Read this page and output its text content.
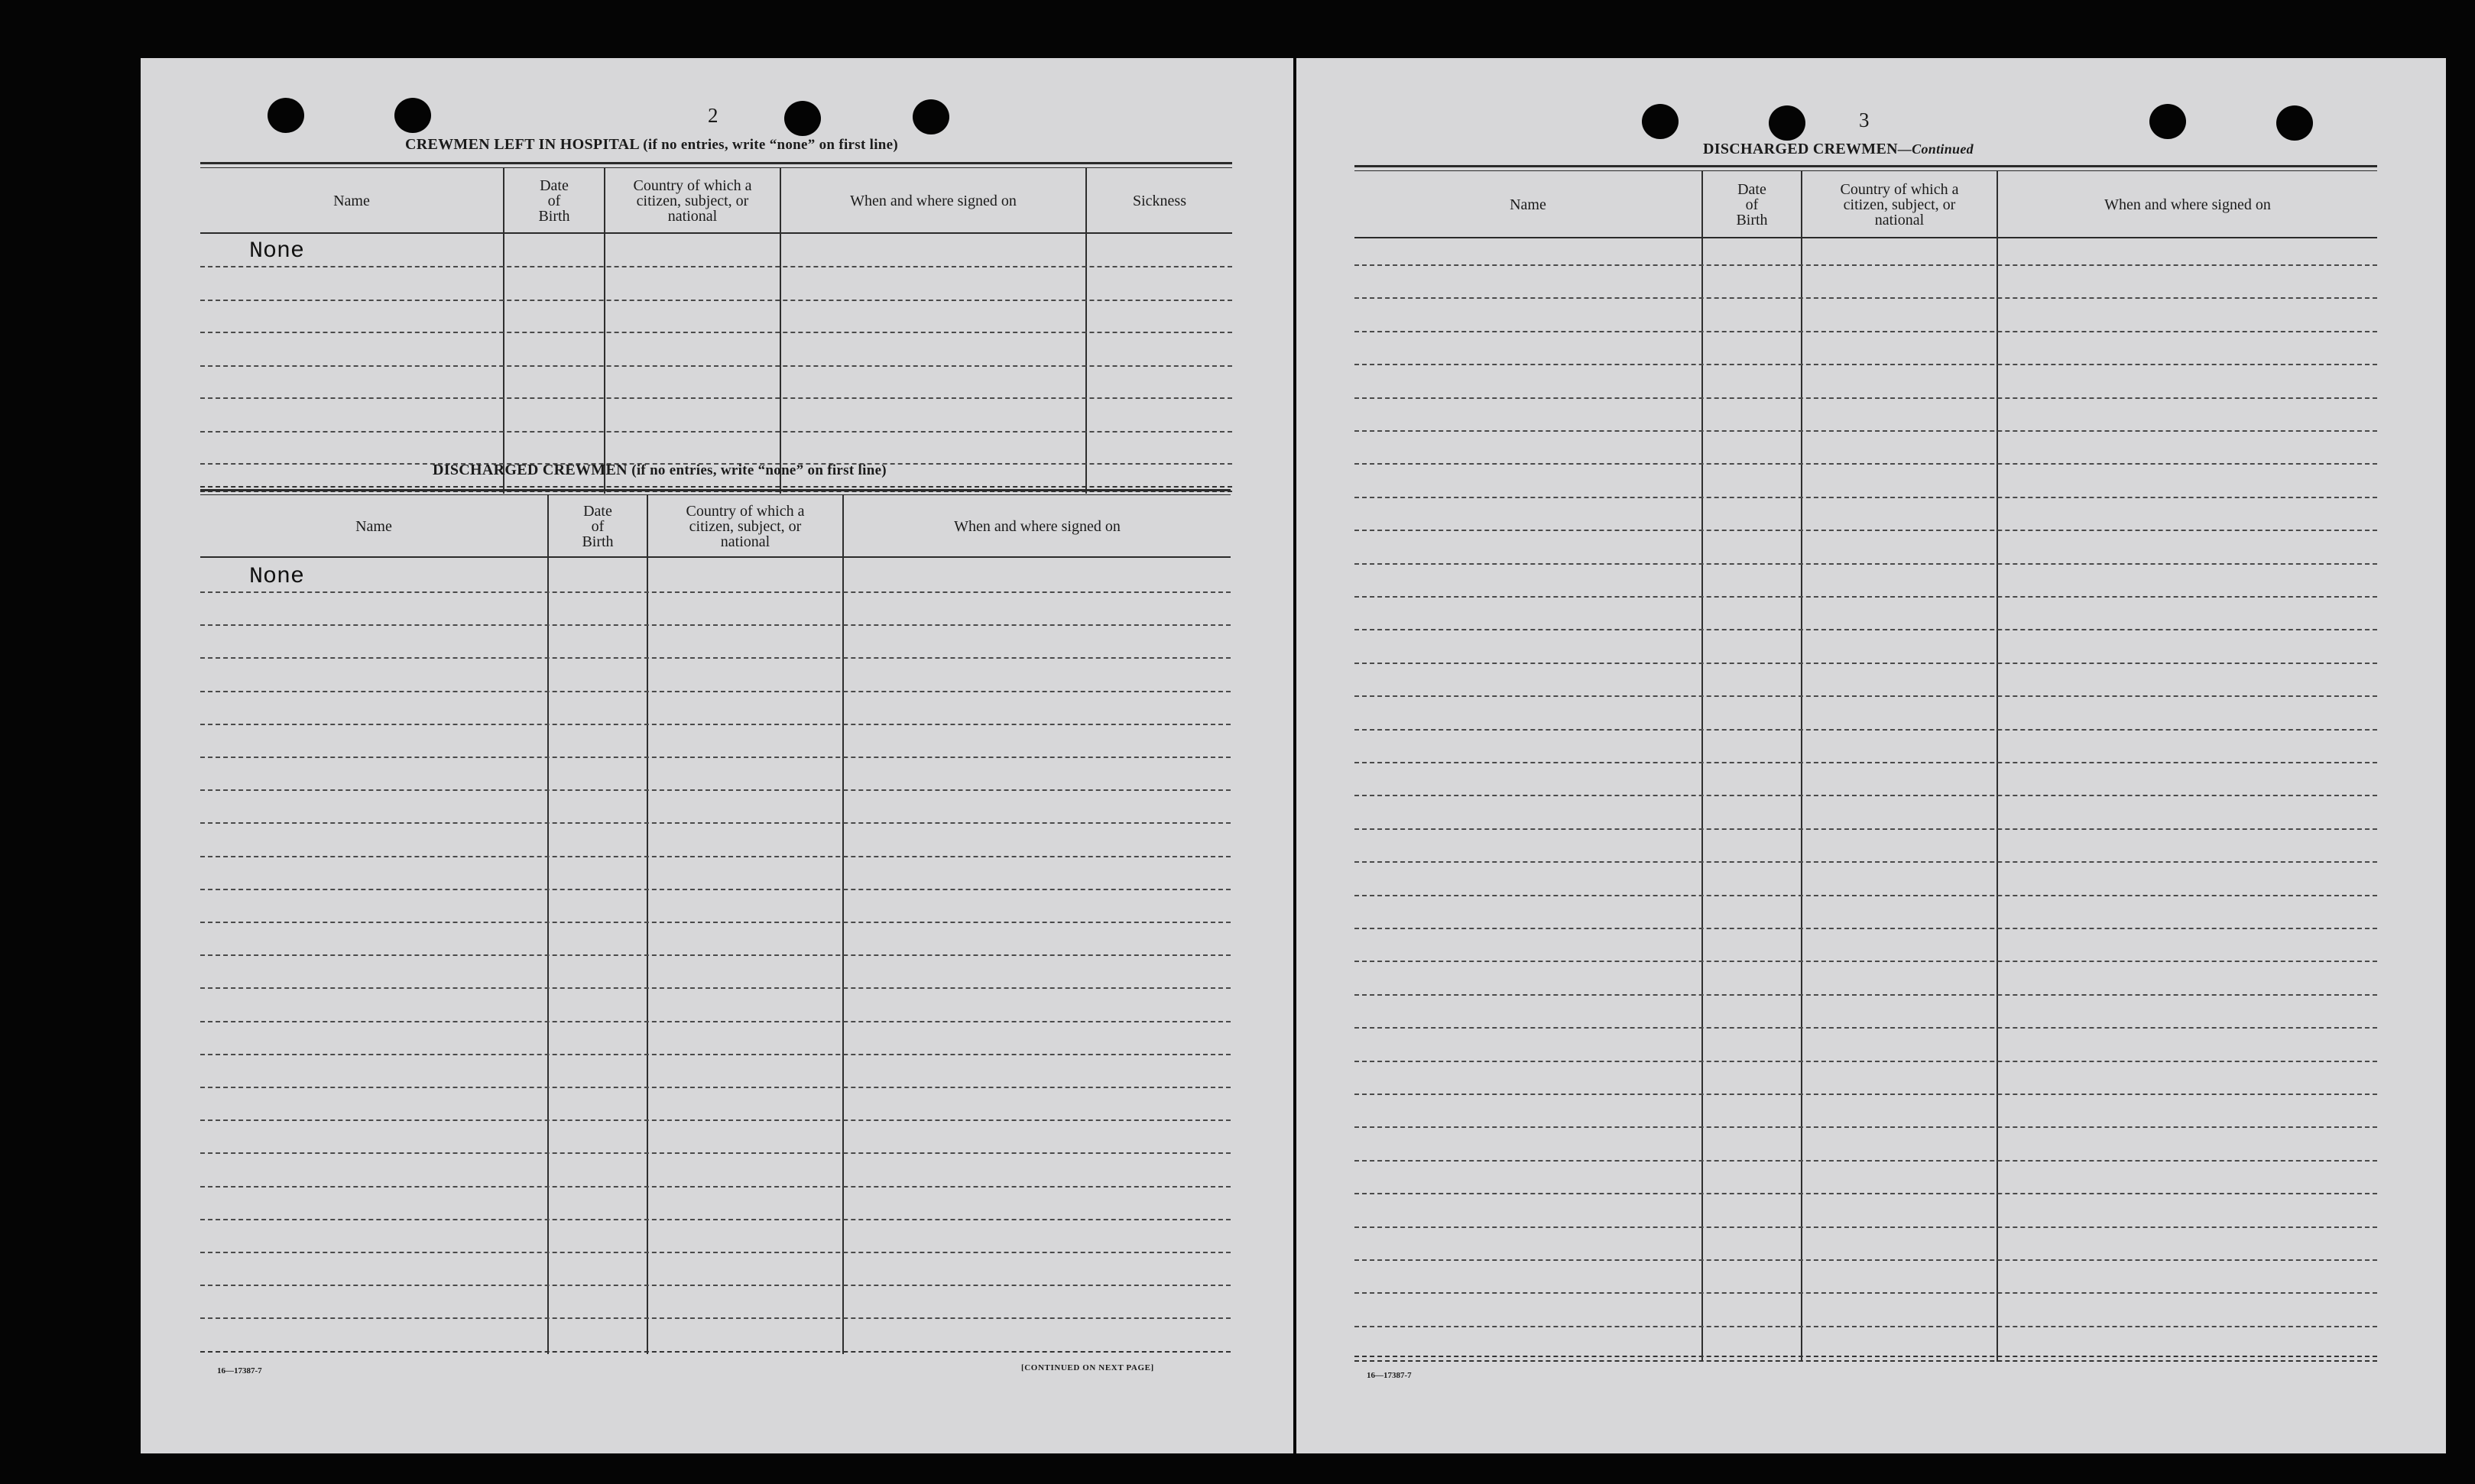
2
CREWMEN LEFT IN HOSPITAL (if no entries, write “none” on first line)
Name
Date
of
Birth
Country of which a
citizen, subject, or
national
When and where signed on	Sickness
None
DISCHARGED CREWMEN (if no entries, write “none” on first line)
Name
Date
of
Birth
Country of which a
citizen, subject, or
national
When and where signed on
None
16—17387-7	[CONTINUED ON NEXT PAGE]
3
DISCHARGED CREWMEN—Continued
Name
Date
of
Birth
Country of which a
citizen, subject, or
national
When and where signed on
16—17387-7
